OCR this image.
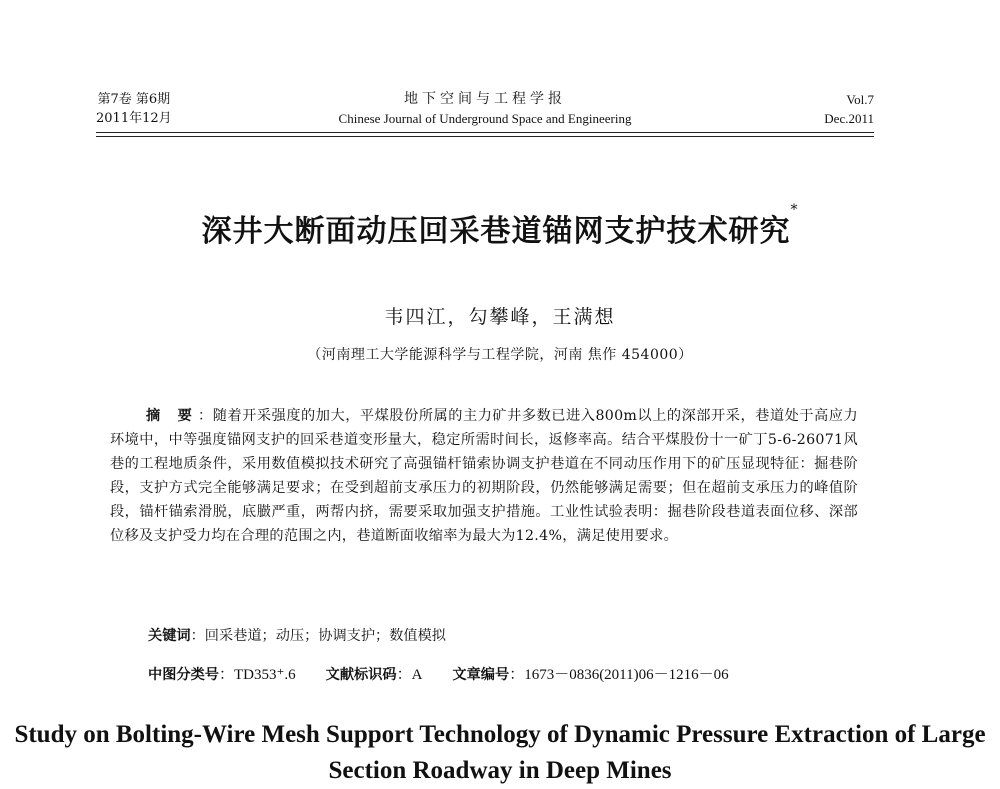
第7卷 第6期
2011年12月
地下空间与工程学报
Chinese Journal of Underground Space and Engineering
Vol.7
Dec.2011
深井大断面动压回采巷道锚网支护技术研究*
韦四江，勾攀峰，王满想
（河南理工大学能源科学与工程学院，河南 焦作 454000）
摘 要：随着开采强度的加大，平煤股份所属的主力矿井多数已进入800m以上的深部开采，巷道处于高应力环境中，中等强度锚网支护的回采巷道变形量大，稳定所需时间长，返修率高。结合平煤股份十一矿丁5-6-26071风巷的工程地质条件，采用数值模拟技术研究了高强锚杆锚索协调支护巷道在不同动压作用下的矿压显现特征：掘巷阶段，支护方式完全能够满足要求；在受到超前支承压力的初期阶段，仍然能够满足需要；但在超前支承压力的峰值阶段，锚杆锚索滑脱，底臌严重，两帮内挤，需要采取加强支护措施。工业性试验表明：掘巷阶段巷道表面位移、深部位移及支护受力均在合理的范围之内，巷道断面收缩率为最大为12.4%，满足使用要求。
关键词：回采巷道；动压；协调支护；数值模拟
中图分类号：TD353⁺.6 文献标识码：A 文章编号：1673－0836(2011)06－1216－06
Study on Bolting-Wire Mesh Support Technology of Dynamic Pressure Extraction of Large Section Roadway in Deep Mines
